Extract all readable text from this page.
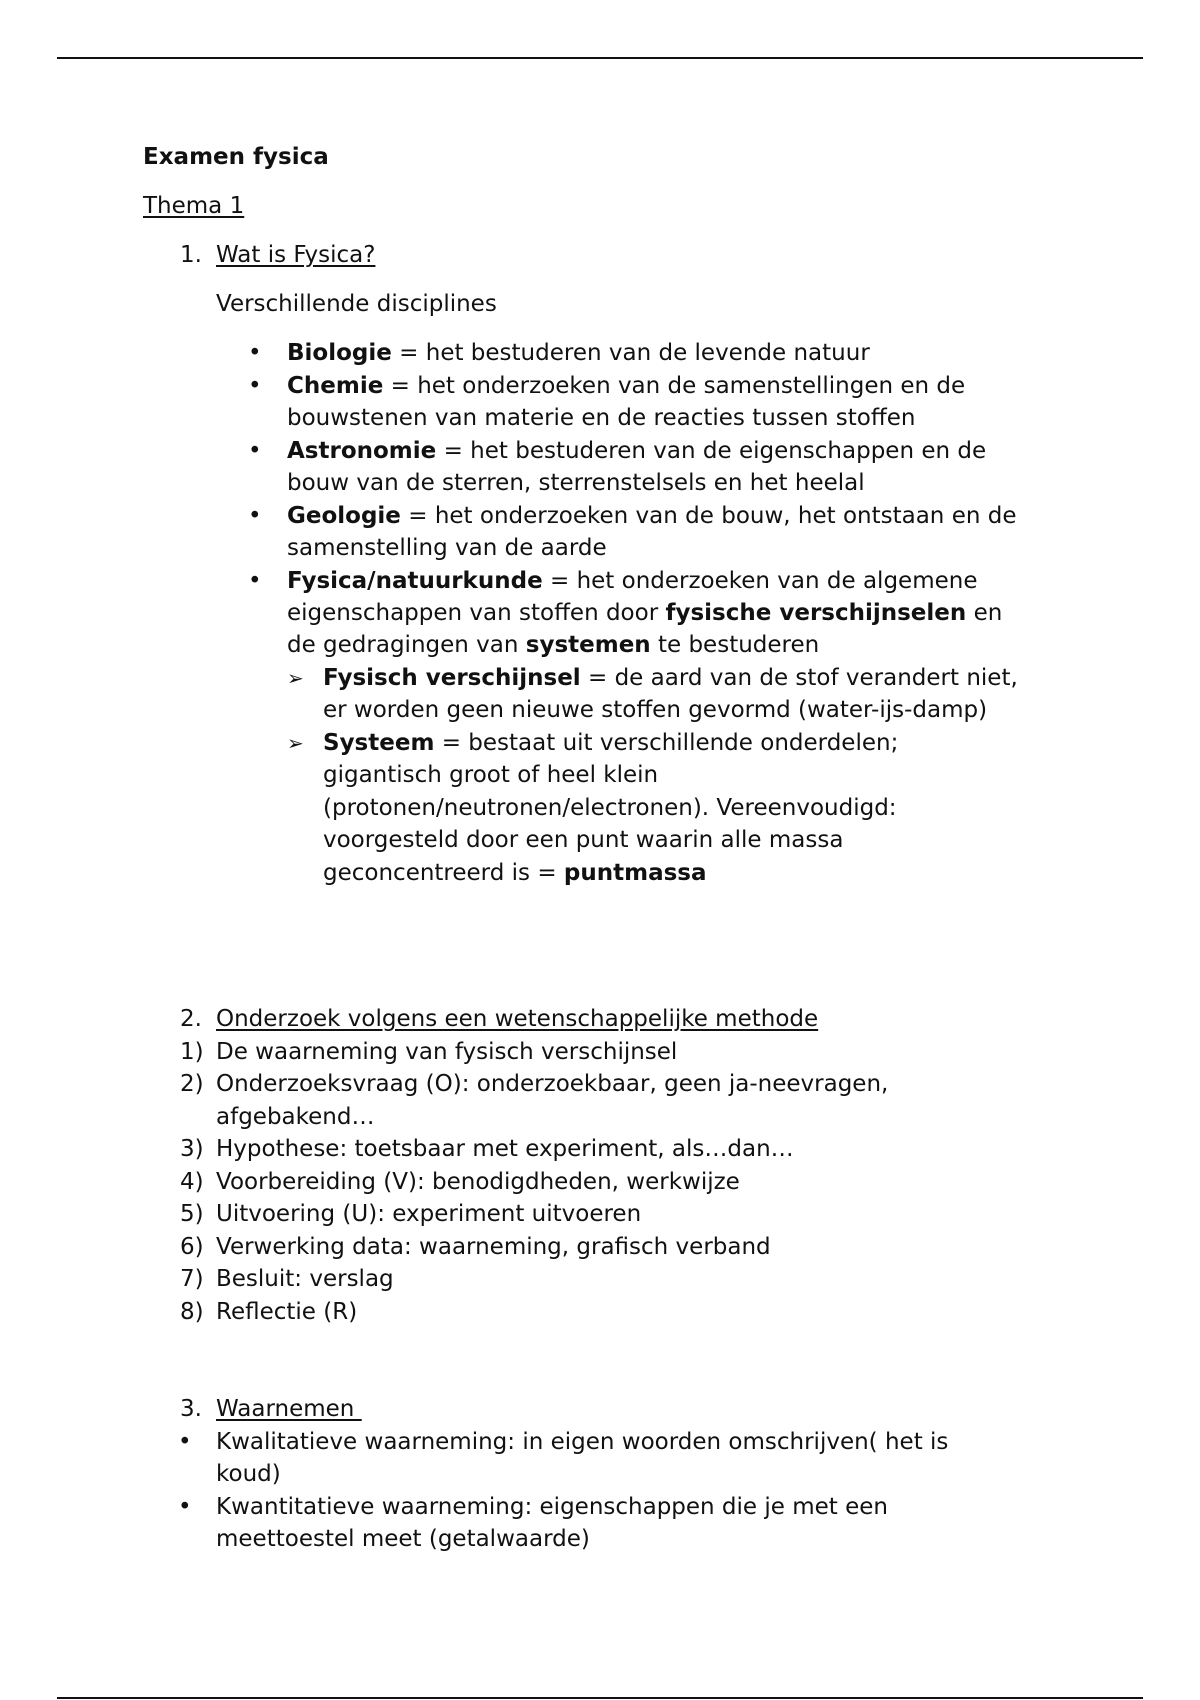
Examen fysica
Thema 1
1. Wat is Fysica?
Verschillende disciplines
• Biologie = het bestuderen van de levende natuur
• Chemie = het onderzoeken van de samenstellingen en de
bouwstenen van materie en de reacties tussen stoffen
• Astronomie = het bestuderen van de eigenschappen en de
bouw van de sterren, sterrenstelsels en het heelal
• Geologie = het onderzoeken van de bouw, het ontstaan en de
samenstelling van de aarde
• Fysica/natuurkunde = het onderzoeken van de algemene
eigenschappen van stoffen door fysische verschijnselen en
de gedragingen van systemen te bestuderen
➢ Fysisch verschijnsel = de aard van de stof verandert niet,
er worden geen nieuwe stoffen gevormd (water-ijs-damp)
➢ Systeem = bestaat uit verschillende onderdelen;
gigantisch groot of heel klein
(protonen/neutronen/electronen). Vereenvoudigd:
voorgesteld door een punt waarin alle massa
geconcentreerd is = puntmassa
2. Onderzoek volgens een wetenschappelijke methode
1) De waarneming van fysisch verschijnsel
2) Onderzoeksvraag (O): onderzoekbaar, geen ja-neevragen,
afgebakend…
3) Hypothese: toetsbaar met experiment, als…dan…
4) Voorbereiding (V): benodigdheden, werkwijze
5) Uitvoering (U): experiment uitvoeren
6) Verwerking data: waarneming, grafisch verband
7) Besluit: verslag
8) Reflectie (R)
3. Waarnemen
• Kwalitatieve waarneming: in eigen woorden omschrijven( het is
koud)
• Kwantitatieve waarneming: eigenschappen die je met een
meettoestel meet (getalwaarde)
